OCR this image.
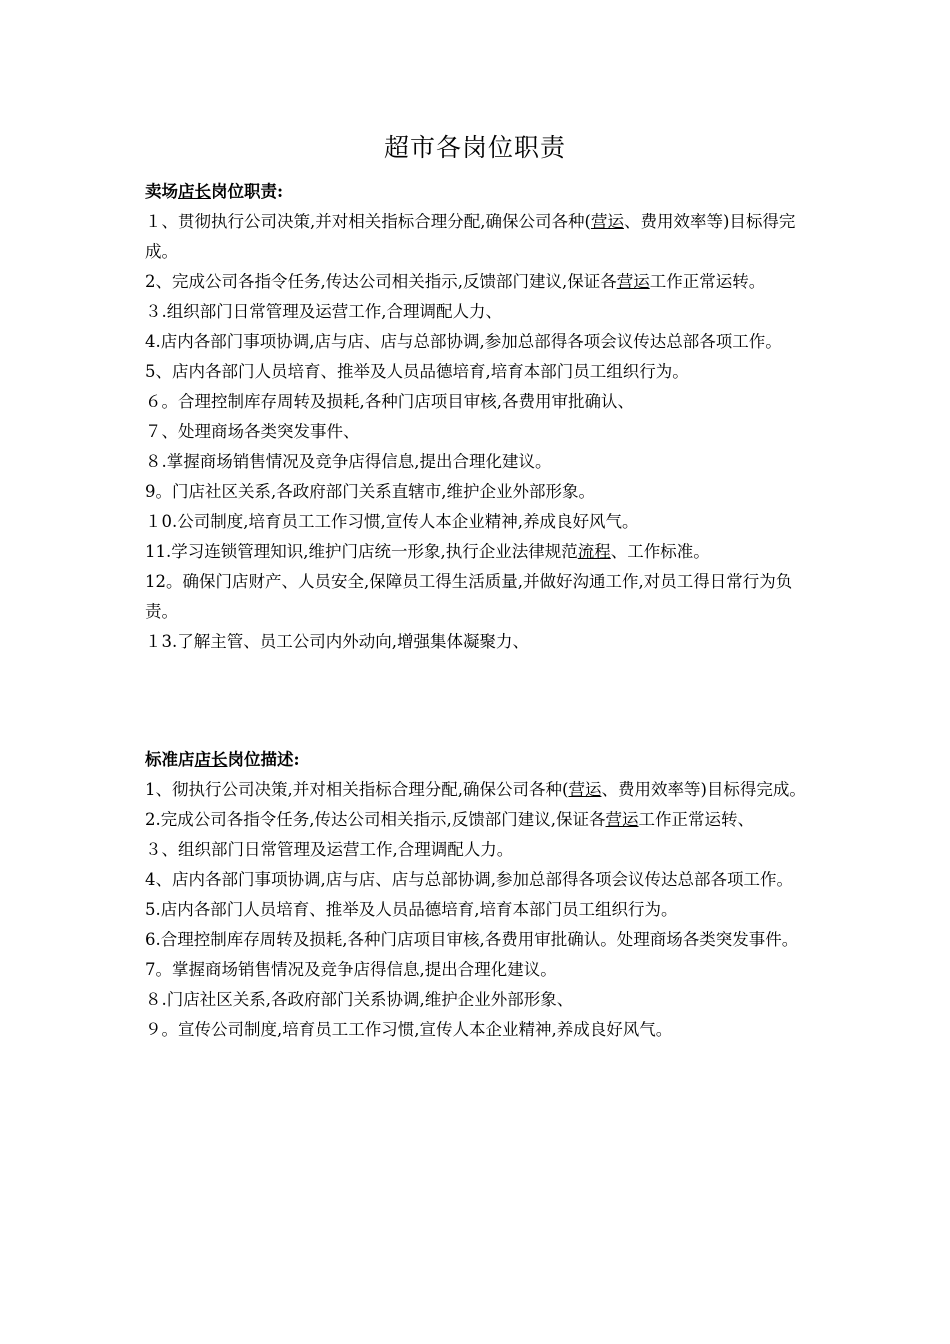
超市各岗位职责
卖场店长岗位职责:
１、贯彻执行公司决策,并对相关指标合理分配,确保公司各种(营运、费用效率等)目标得完成。
2、完成公司各指令任务,传达公司相关指示,反馈部门建议,保证各营运工作正常运转。
３.组织部门日常管理及运营工作,合理调配人力、
4.店内各部门事项协调,店与店、店与总部协调,参加总部得各项会议传达总部各项工作。
5、店内各部门人员培育、推举及人员品德培育,培育本部门员工组织行为。
６。合理控制库存周转及损耗,各种门店项目审核,各费用审批确认、
７、处理商场各类突发事件、
８.掌握商场销售情况及竞争店得信息,提出合理化建议。
9。门店社区关系,各政府部门关系直辖市,维护企业外部形象。
１0.公司制度,培育员工工作习惯,宣传人本企业精神,养成良好风气。
11.学习连锁管理知识,维护门店统一形象,执行企业法律规范流程、工作标准。
12。确保门店财产、人员安全,保障员工得生活质量,并做好沟通工作,对员工得日常行为负责。
１3.了解主管、员工公司内外动向,增强集体凝聚力、
标准店店长岗位描述:
1、彻执行公司决策,并对相关指标合理分配,确保公司各种(营运、费用效率等)目标得完成。
2.完成公司各指令任务,传达公司相关指示,反馈部门建议,保证各营运工作正常运转、
３、组织部门日常管理及运营工作,合理调配人力。
4、店内各部门事项协调,店与店、店与总部协调,参加总部得各项会议传达总部各项工作。
5.店内各部门人员培育、推举及人员品德培育,培育本部门员工组织行为。
6.合理控制库存周转及损耗,各种门店项目审核,各费用审批确认。处理商场各类突发事件。
7。掌握商场销售情况及竞争店得信息,提出合理化建议。
８.门店社区关系,各政府部门关系协调,维护企业外部形象、
９。宣传公司制度,培育员工工作习惯,宣传人本企业精神,养成良好风气。
